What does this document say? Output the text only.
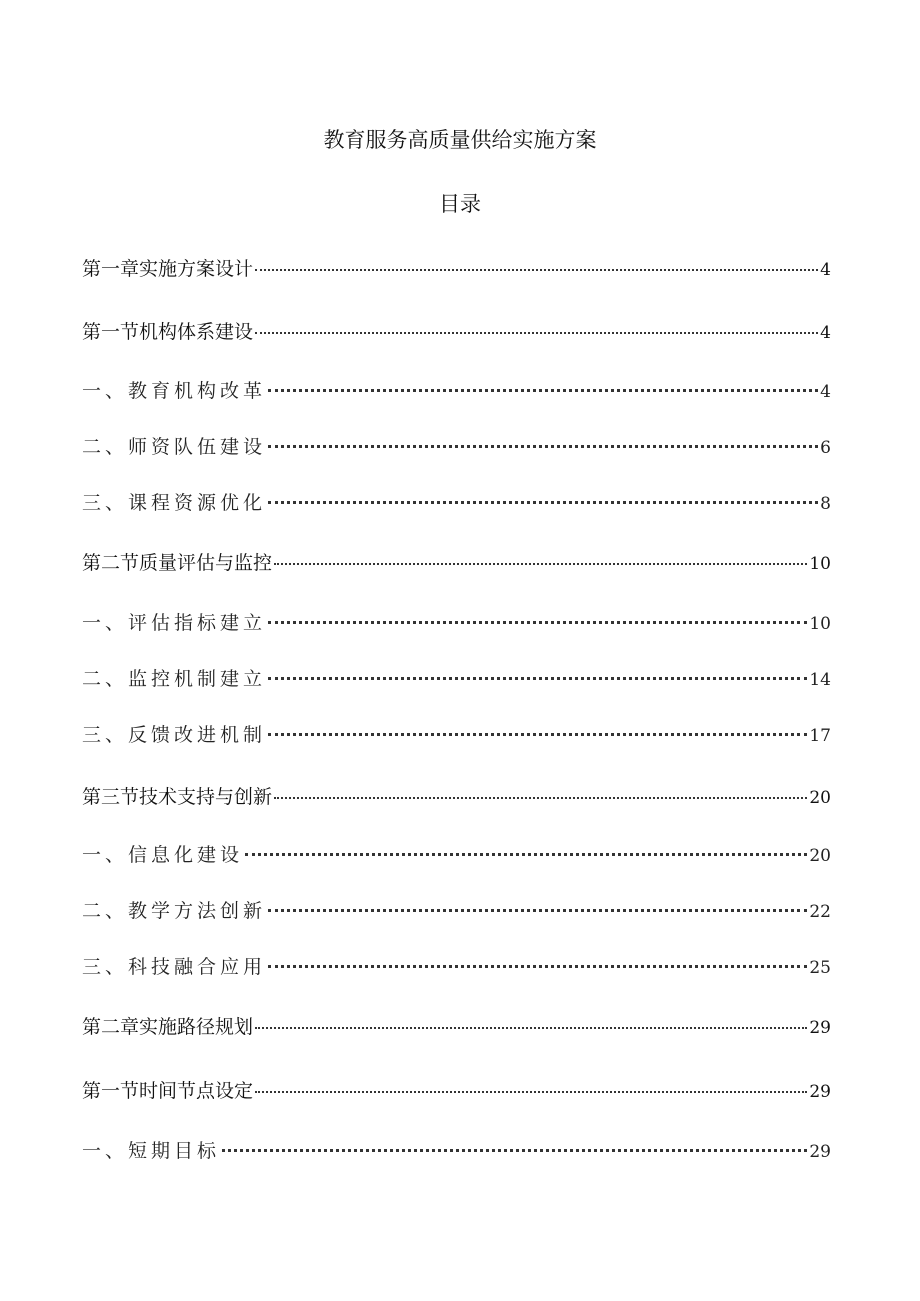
教育服务高质量供给实施方案
目录
第一章实施方案设计	4
第一节机构体系建设	4
一、教育机构改革	4
二、师资队伍建设	6
三、课程资源优化	8
第二节质量评估与监控	10
一、评估指标建立	10
二、监控机制建立	14
三、反馈改进机制	17
第三节技术支持与创新	20
一、信息化建设	20
二、教学方法创新	22
三、科技融合应用	25
第二章实施路径规划	29
第一节时间节点设定	29
一、短期目标	29
